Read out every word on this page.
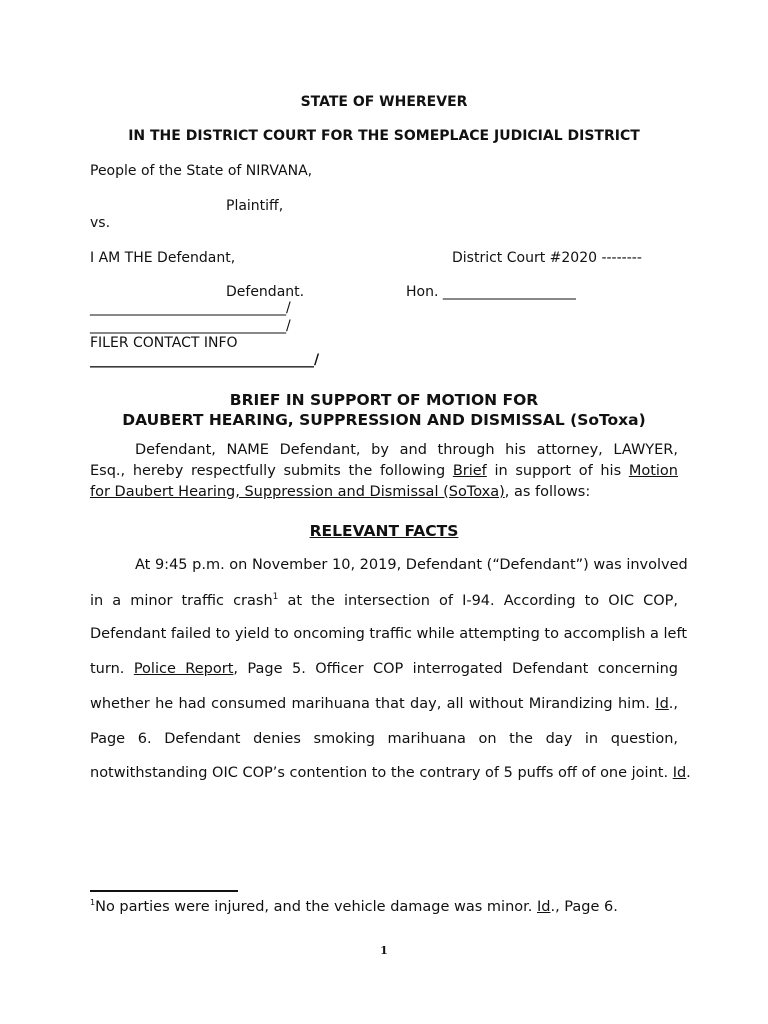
STATE OF WHEREVER
IN THE DISTRICT COURT FOR THE SOMEPLACE JUDICIAL DISTRICT
People of the State of NIRVANA,
Plaintiff,
vs.
I AM THE Defendant,	District Court #2020 --------
Defendant.	Hon. ___________________
____________________________/
____________________________/
FILER CONTACT INFO
________________________________/
BRIEF IN SUPPORT OF MOTION FOR
DAUBERT HEARING, SUPPRESSION AND DISMISSAL (SoToxa)
Defendant, NAME Defendant, by and through his attorney, LAWYER,
Esq., hereby respectfully submits the following Brief in support of his Motion
for Daubert Hearing, Suppression and Dismissal (SoToxa), as follows:
RELEVANT FACTS
At 9:45 p.m. on November 10, 2019, Defendant (“Defendant”) was involved
in a minor traffic crash$^1$ at the intersection of I-94. According to OIC COP,
Defendant failed to yield to oncoming traffic while attempting to accomplish a left
turn. Police Report, Page 5. Officer COP interrogated Defendant concerning
whether he had consumed marihuana that day, all without Mirandizing him. Id.,
Page 6. Defendant denies smoking marihuana on the day in question,
notwithstanding OIC COP’s contention to the contrary of 5 puffs off of one joint. Id.
$^1$No parties were injured, and the vehicle damage was minor. Id., Page 6.
1
